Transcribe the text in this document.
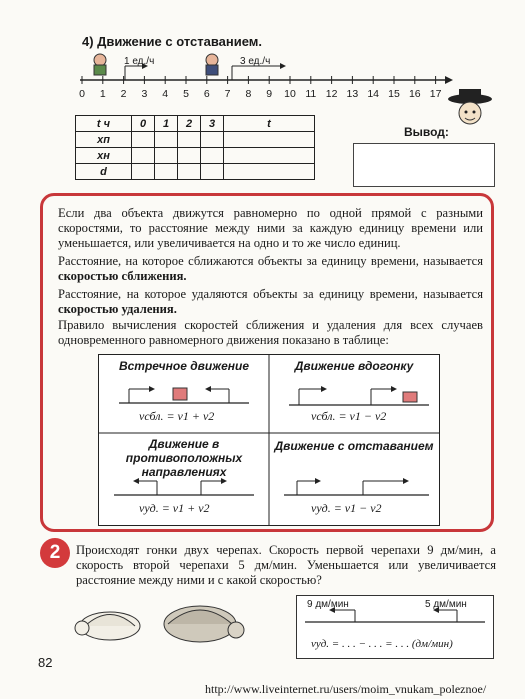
4) Движение с отставанием.
1 ед./ч	3 ед./ч
0 1 2 3 4 5 6 7 8 9 10 11 12 13 14 15 16 17
t ч	0	1	2	3	t
xп					
xн					
d					
Вывод:
Если два объекта движутся равномерно по одной прямой с разными скоростями, то расстояние между ними за каждую единицу времени или уменьшается, или увеличивается на одно и то же число единиц.
Расстояние, на которое сближаются объекты за единицу времени, называется скоростью сближения.
Расстояние, на которое удаляются объекты за единицу времени, называется скоростью удаления.
Правило вычисления скоростей сближения и удаления для всех случаев одновременного равномерного движения показано в таблице:
Встречное движение
vсбл. = v1 + v2
Движение вдогонку
vсбл. = v1 − v2
Движение в противоположных направлениях
vуд. = v1 + v2
Движение с отставанием
vуд. = v1 − v2
2	Происходят гонки двух черепах. Скорость первой черепахи 9 дм/мин, а скорость второй черепахи 5 дм/мин. Уменьшается или увеличивается расстояние между ними и с какой скоростью?
9 дм/мин	5 дм/мин
vуд. = . . . − . . . = . . . (дм/мин)
82
http://www.liveinternet.ru/users/moim_vnukam_poleznoe/
